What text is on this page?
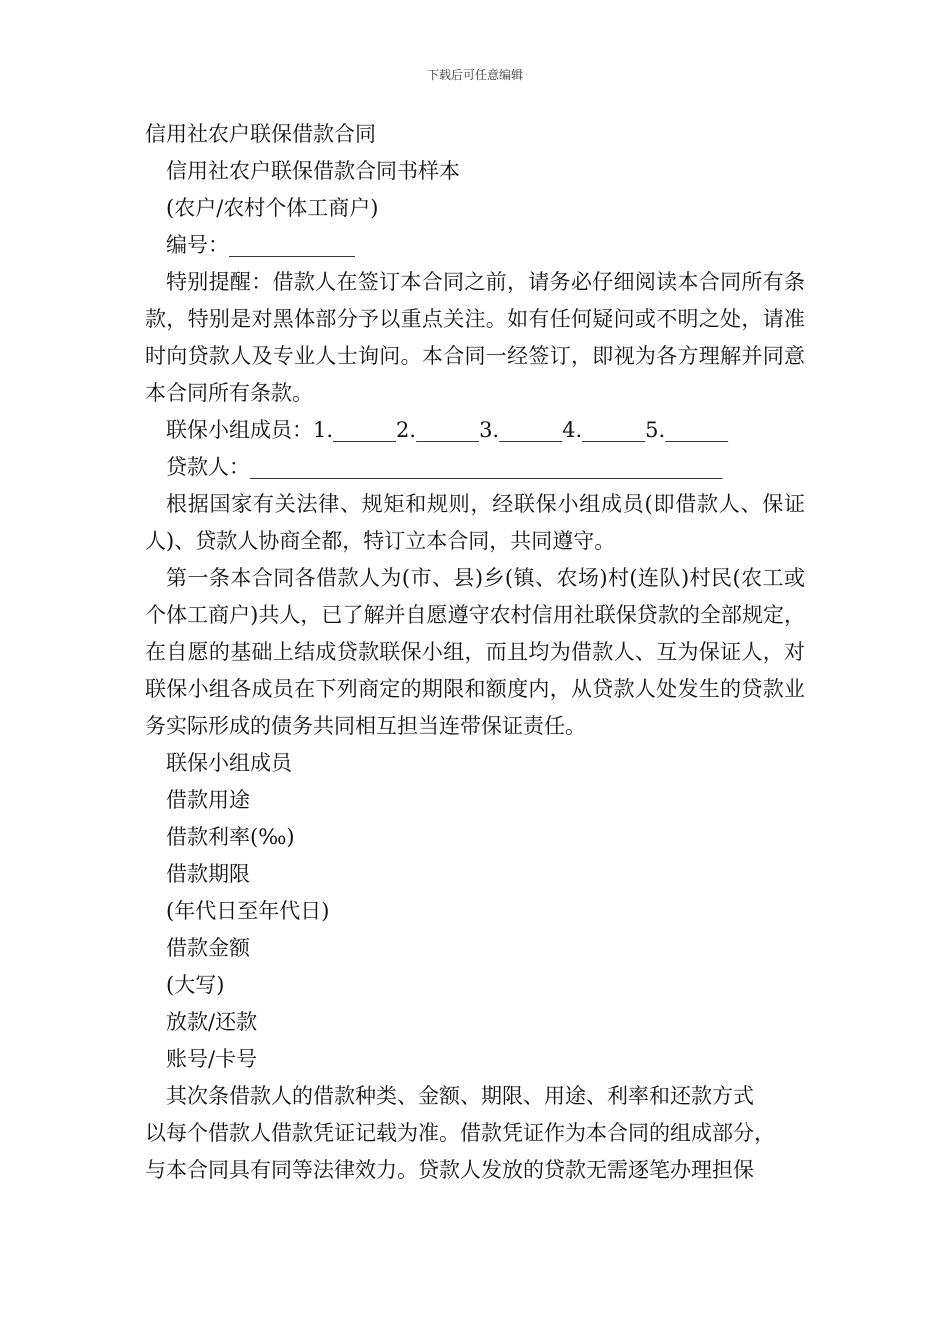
下载后可任意编辑
信用社农户联保借款合同
信用社农户联保借款合同书样本
(农户/农村个体工商户)
编号：____________
特别提醒：借款人在签订本合同之前，请务必仔细阅读本合同所有条款，特别是对黑体部分予以重点关注。如有任何疑问或不明之处，请准时向贷款人及专业人士询问。本合同一经签订，即视为各方理解并同意本合同所有条款。
联保小组成员：1.______2.______3.______4.______5.______
贷款人：_____________________________________________
根据国家有关法律、规矩和规则，经联保小组成员(即借款人、保证人)、贷款人协商全都，特订立本合同，共同遵守。
第一条本合同各借款人为(市、县)乡(镇、农场)村(连队)村民(农工或个体工商户)共人，已了解并自愿遵守农村信用社联保贷款的全部规定，在自愿的基础上结成贷款联保小组，而且均为借款人、互为保证人，对联保小组各成员在下列商定的期限和额度内，从贷款人处发生的贷款业务实际形成的债务共同相互担当连带保证责任。
联保小组成员
借款用途
借款利率(‰)
借款期限
(年代日至年代日)
借款金额
(大写)
放款/还款
账号/卡号
其次条借款人的借款种类、金额、期限、用途、利率和还款方式
以每个借款人借款凭证记载为准。借款凭证作为本合同的组成部分，
与本合同具有同等法律效力。贷款人发放的贷款无需逐笔办理担保
